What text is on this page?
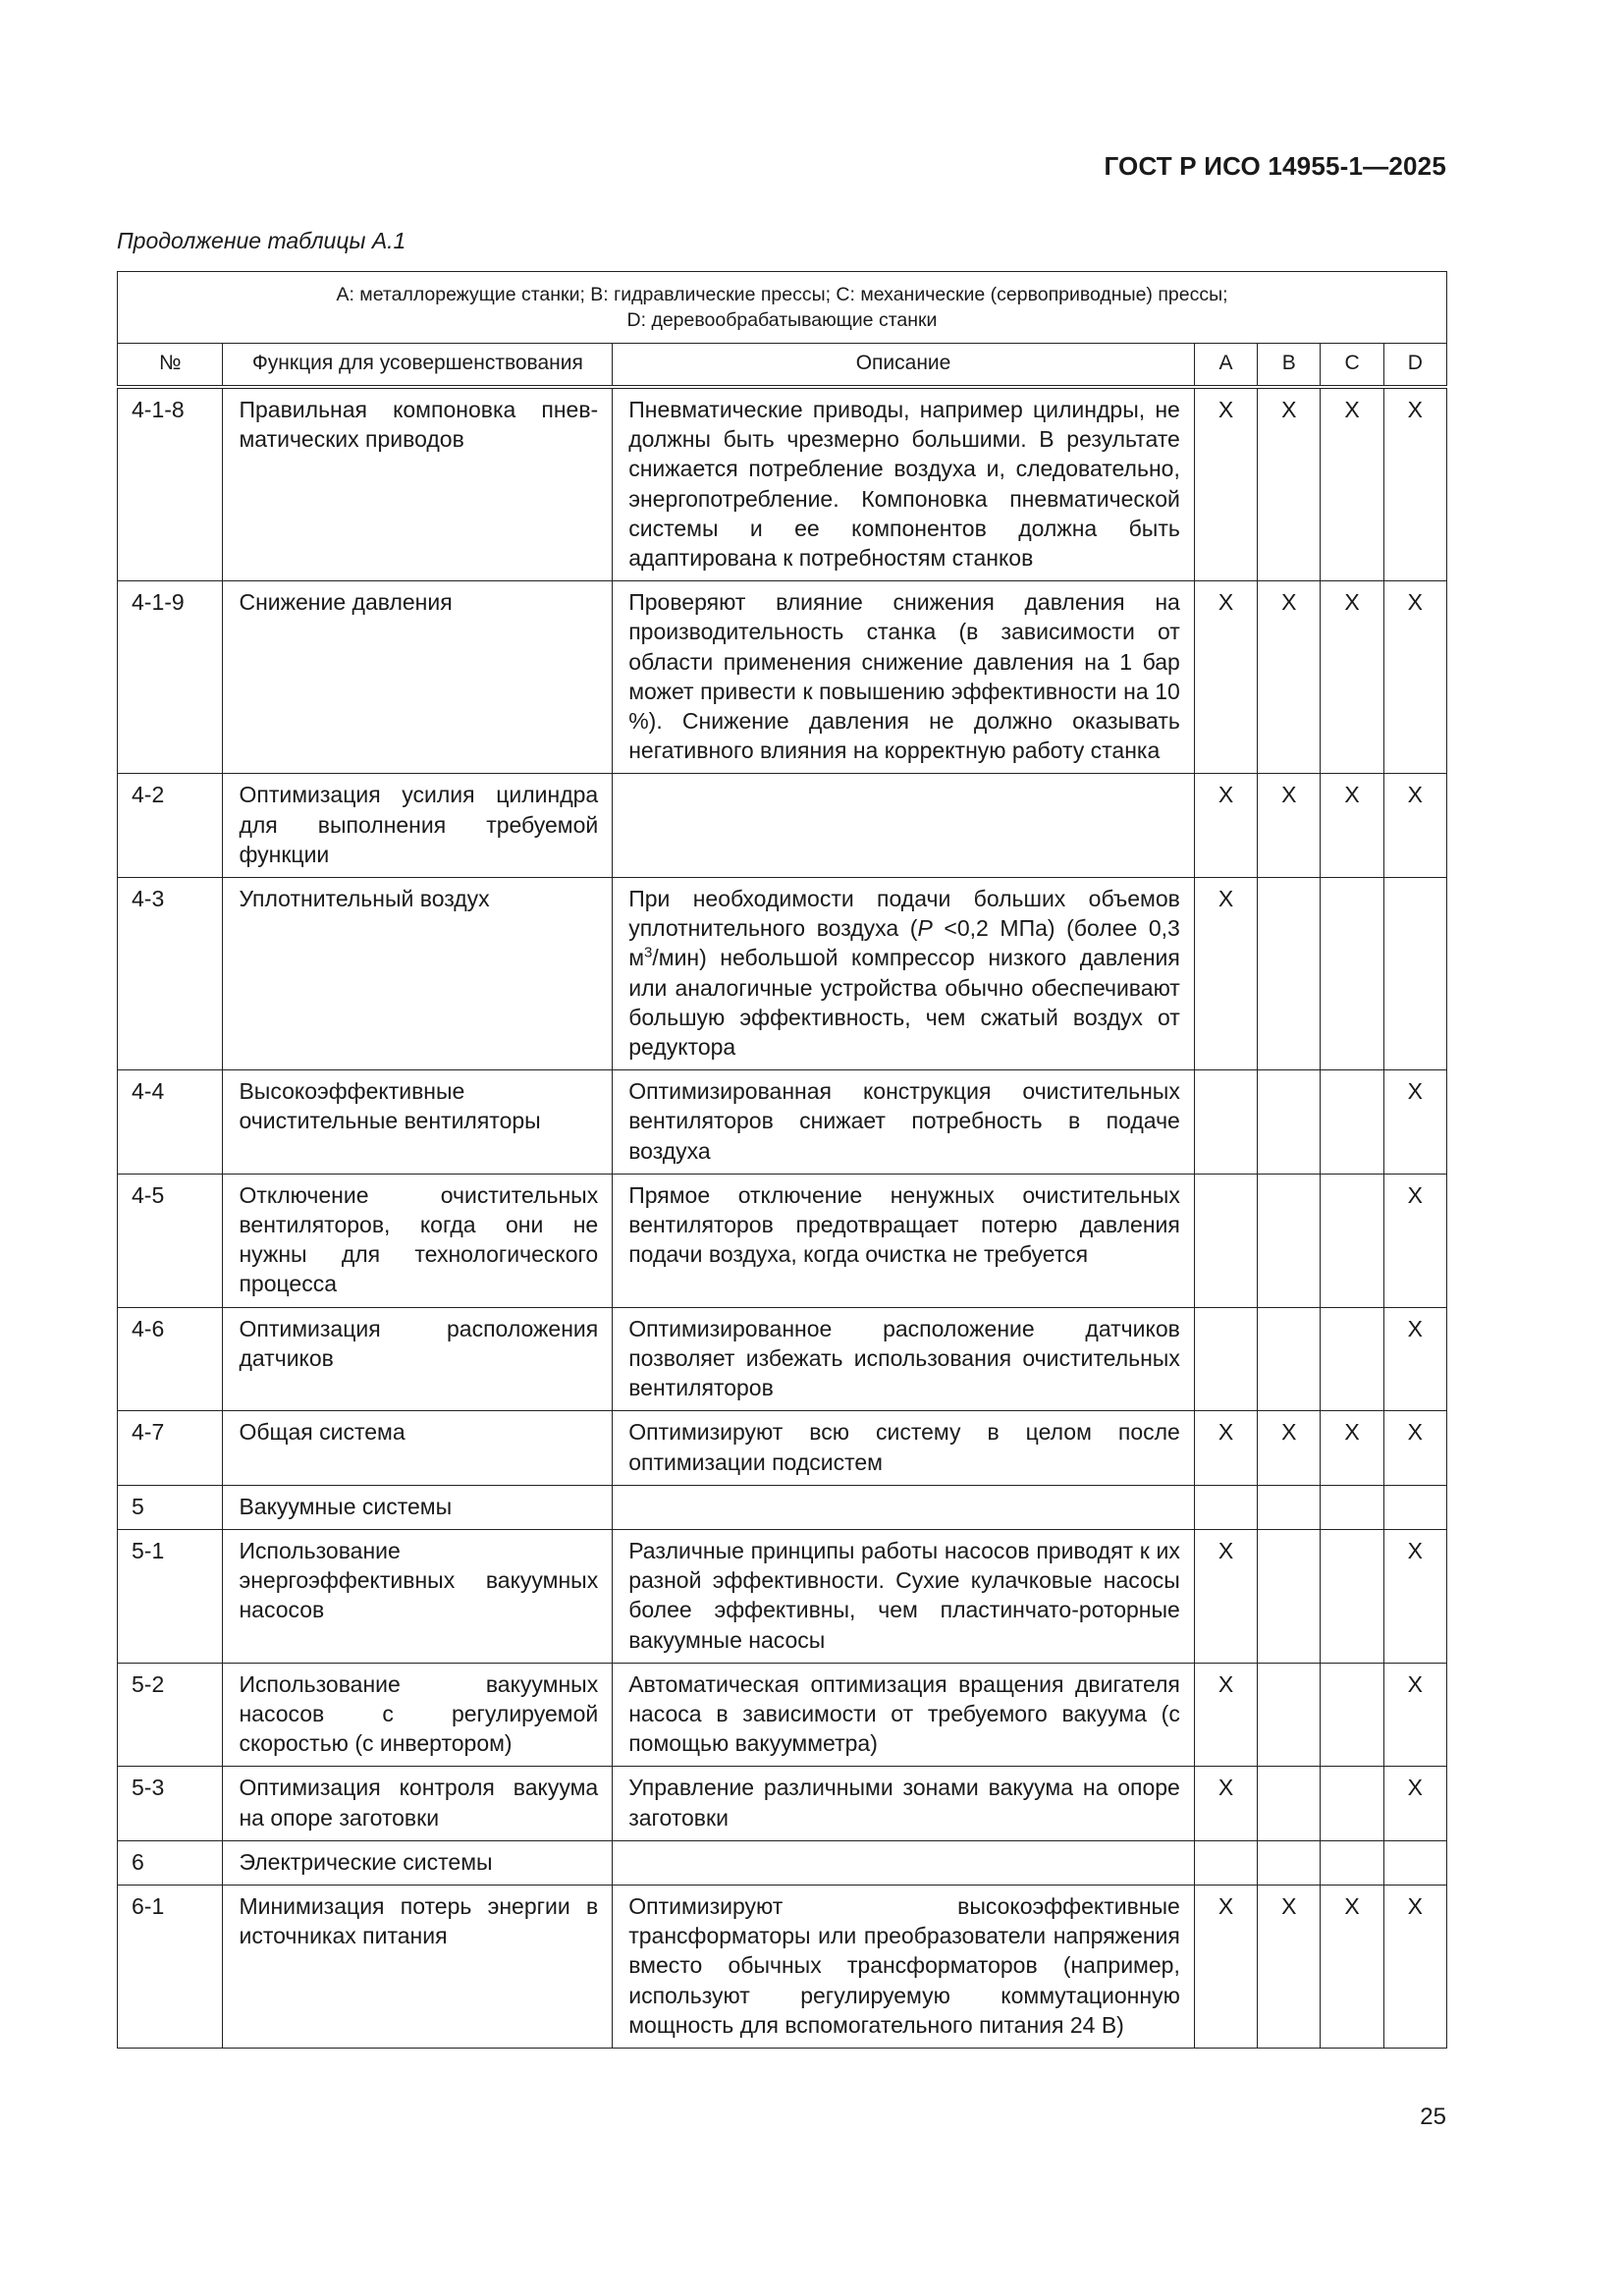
ГОСТ Р ИСО 14955-1—2025
Продолжение таблицы А.1
А: металлорежущие станки; В: гидравлические прессы; С: механические (сервоприводные) прессы;
D: деревообрабатывающие станки						

№	Функция для усовершенствования	Описание	А	В	С	D
4-1-8	Правильная компоновка пнев-матических приводов	Пневматические приводы, например цилиндры, не должны быть чрезмерно большими. В результате снижается потребление воздуха и, следовательно, энергопотребление. Компоновка пневматической системы и ее компонентов должна быть адаптирована к потребностям станков	X	X	X	X
4-1-9	Снижение давления	Проверяют влияние снижения давления на производительность станка (в зависимости от области применения снижение давления на 1 бар может привести к повышению эффективности на 10 %). Снижение давления не должно оказывать негативного влияния на корректную работу станка	X	X	X	X
4-2	Оптимизация усилия цилиндра для выполнения требуемой функции		X	X	X	X
4-3	Уплотнительный воздух	При необходимости подачи больших объемов уплотнительного воздуха (Р <0,2 МПа) (более 0,3 $м^3/мин$) небольшой компрессор низкого давления или аналогичные устройства обычно обеспечивают большую эффективность, чем сжатый воздух от редуктора	X			
4-4	Высокоэффективные очистительные вентиляторы	Оптимизированная конструкция очистительных вентиляторов снижает потребность в подаче воздуха				X
4-5	Отключение очистительных вентиляторов, когда они не нужны для технологического процесса	Прямое отключение ненужных очистительных вентиляторов предотвращает потерю давления подачи воздуха, когда очистка не требуется				X
4-6	Оптимизация расположения датчиков	Оптимизированное расположение датчиков позволяет избежать использования очистительных вентиляторов				X
4-7	Общая система	Оптимизируют всю систему в целом после оптимизации подсистем	X	X	X	X
5	Вакуумные системы					
5-1	Использование энергоэффективных вакуумных насосов	Различные принципы работы насосов приводят к их разной эффективности. Сухие кулачковые насосы более эффективны, чем пластинчато-роторные вакуумные насосы	X			X
5-2	Использование вакуумных насосов с регулируемой скоростью (с инвертором)	Автоматическая оптимизация вращения двигателя насоса в зависимости от требуемого вакуума (с помощью вакуумметра)	X			X
5-3	Оптимизация контроля вакуума на опоре заготовки	Управление различными зонами вакуума на опоре заготовки	X			X
6	Электрические системы					
6-1	Минимизация потерь энергии в источниках питания	Оптимизируют высокоэффективные трансформаторы или преобразователи напряжения вместо обычных трансформаторов (например, используют регулируемую коммутационную мощность для вспомогательного питания 24 В)	X	X	X	X
25
